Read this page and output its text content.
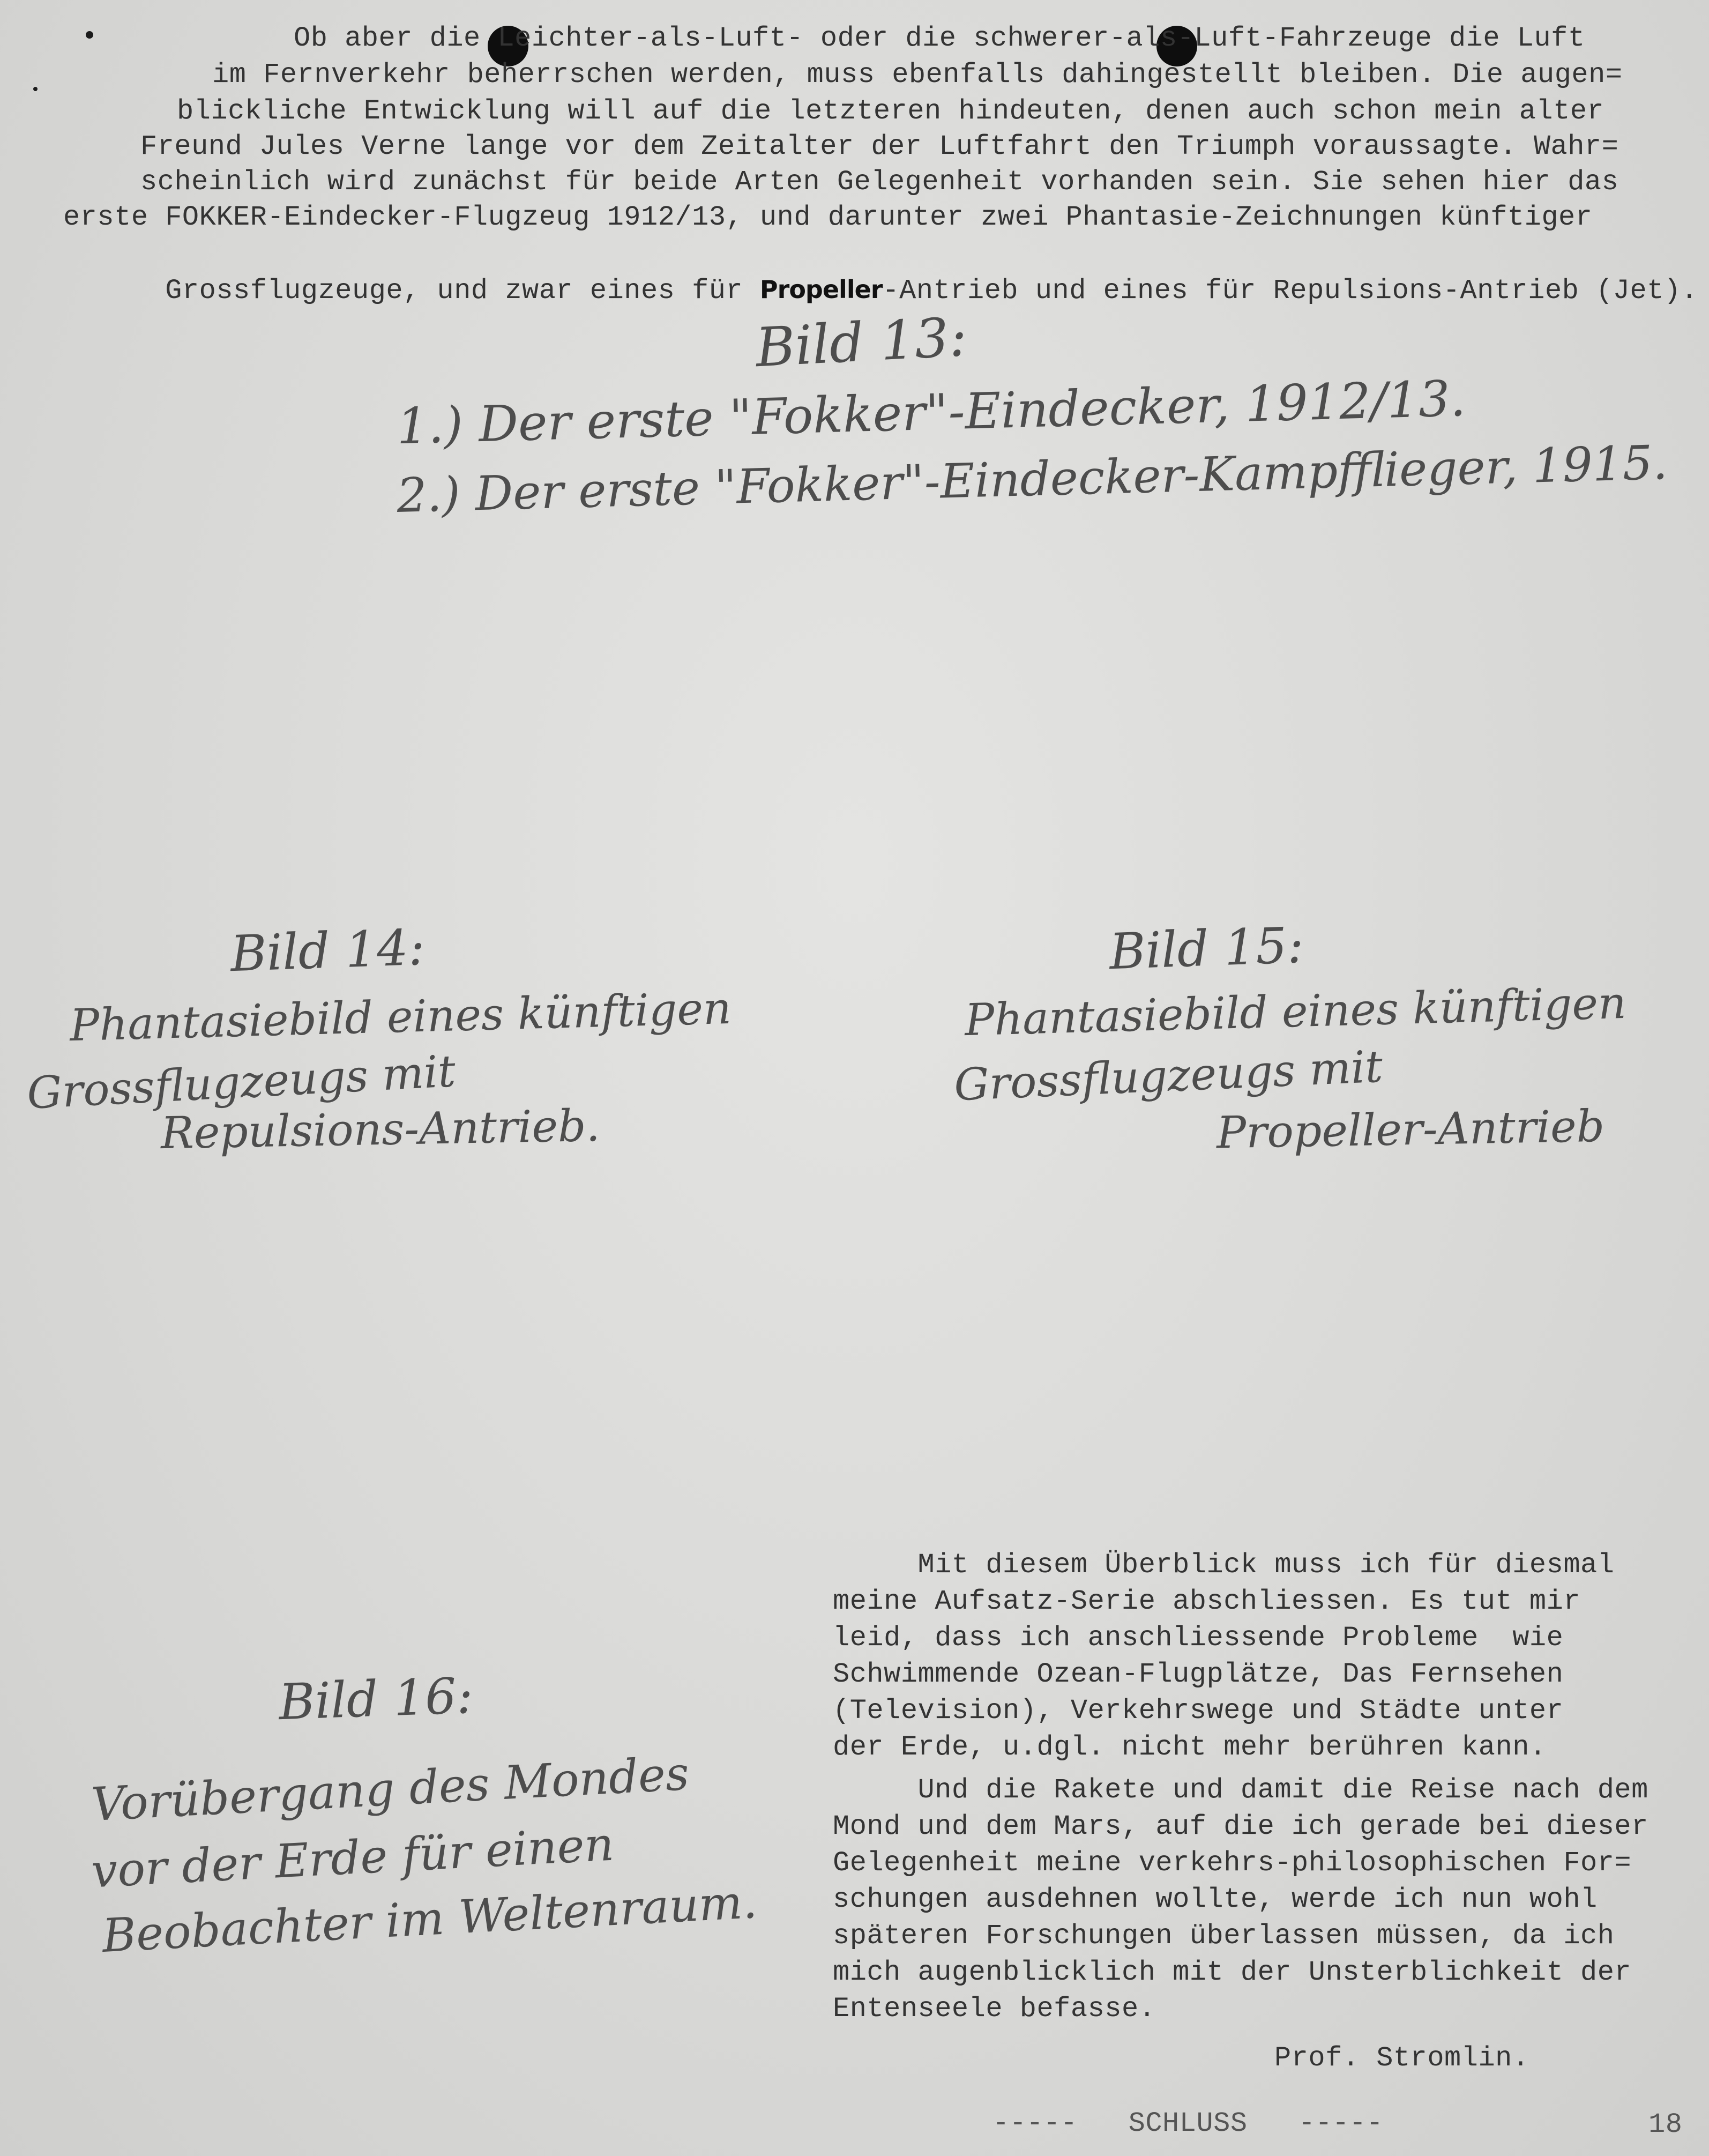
Ob aber die Leichter-als-Luft- oder die schwerer-als-Luft-Fahrzeuge die Luft
im Fernverkehr beherrschen werden, muss ebenfalls dahingestellt bleiben. Die augen=
blickliche Entwicklung will auf die letzteren hindeuten, denen auch schon mein alter
Freund Jules Verne lange vor dem Zeitalter der Luftfahrt den Triumph voraussagte. Wahr=
scheinlich wird zunächst für beide Arten Gelegenheit vorhanden sein. Sie sehen hier das
erste FOKKER-Eindecker-Flugzeug 1912/13, und darunter zwei Phantasie-Zeichnungen künftiger

Grossflugzeuge, und zwar eines für Propeller-Antrieb und eines für Repulsions-Antrieb (Jet).

Bild 13:
1.) Der erste "Fokker"-Eindecker, 1912/13.
2.) Der erste "Fokker"-Eindecker-Kampfflieger, 1915.
Bild 14:
Phantasiebild eines künftigen
Grossflugzeugs mit
Repulsions-Antrieb.
Bild 15:
Phantasiebild eines künftigen
Grossflugzeugs mit
Propeller-Antrieb
Bild 16:
Vorübergang des Mondes
vor der Erde für einen
Beobachter im Weltenraum.
Mit diesem Überblick muss ich für diesmal
meine Aufsatz-Serie abschliessen. Es tut mir
leid, dass ich anschliessende Probleme  wie
Schwimmende Ozean-Flugplätze, Das Fernsehen
(Television), Verkehrswege und Städte unter
der Erde, u.dgl. nicht mehr berühren kann.
Und die Rakete und damit die Reise nach dem
Mond und dem Mars, auf die ich gerade bei dieser
Gelegenheit meine verkehrs-philosophischen For=
schungen ausdehnen wollte, werde ich nun wohl
späteren Forschungen überlassen müssen, da ich
mich augenblicklich mit der Unsterblichkeit der
Entenseele befasse.
Prof. Stromlin.
-----   SCHLUSS   -----	18
